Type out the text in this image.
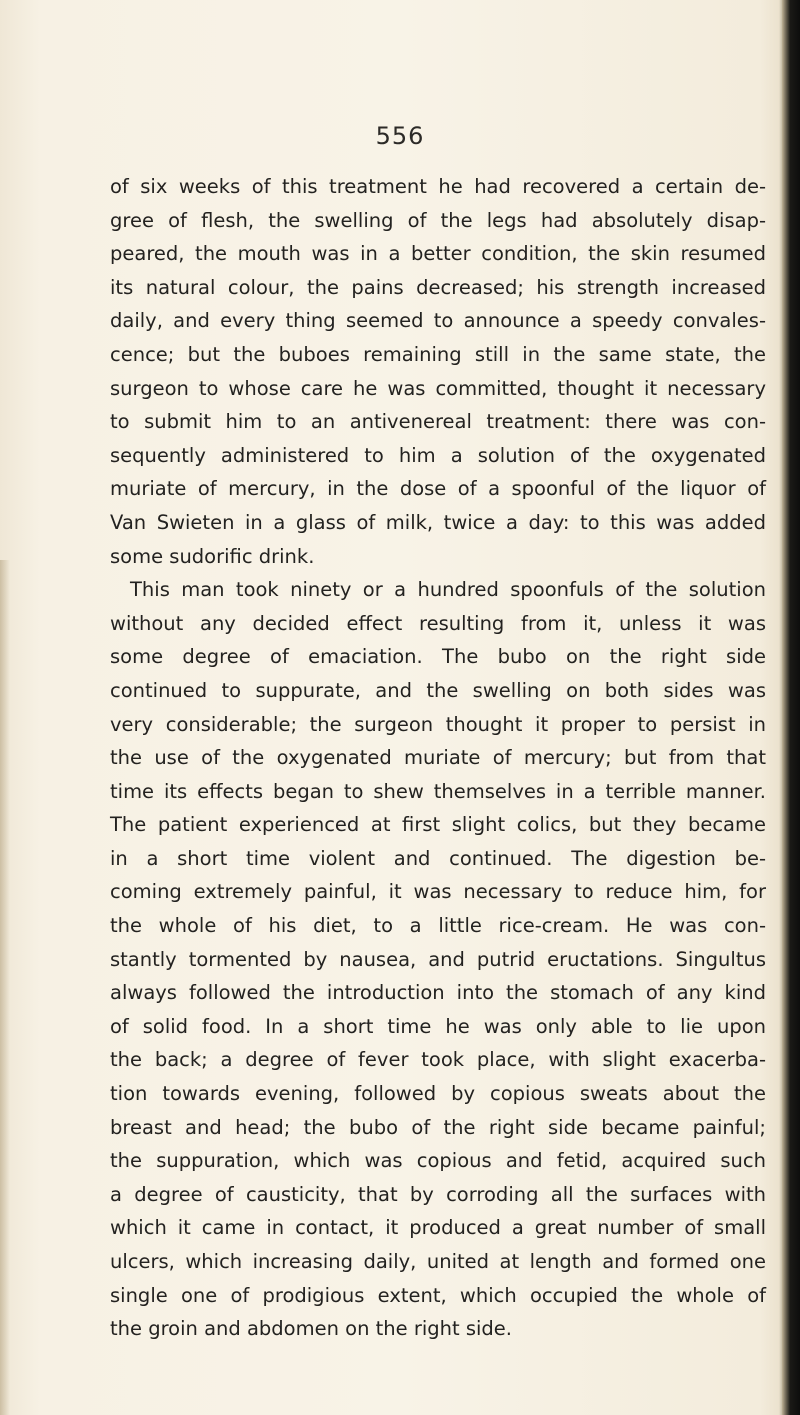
556
of six weeks of this treatment he had recovered a certain de-
gree of flesh, the swelling of the legs had absolutely disap-
peared, the mouth was in a better condition, the skin resumed
its natural colour, the pains decreased; his strength increased
daily, and every thing seemed to announce a speedy convales-
cence; but the buboes remaining still in the same state, the
surgeon to whose care he was committed, thought it necessary
to submit him to an antivenereal treatment: there was con-
sequently administered to him a solution of the oxygenated
muriate of mercury, in the dose of a spoonful of the liquor of
Van Swieten in a glass of milk, twice a day: to this was added
some sudorific drink.
This man took ninety or a hundred spoonfuls of the solution
without any decided effect resulting from it, unless it was
some degree of emaciation. The bubo on the right side
continued to suppurate, and the swelling on both sides was
very considerable; the surgeon thought it proper to persist in
the use of the oxygenated muriate of mercury; but from that
time its effects began to shew themselves in a terrible manner.
The patient experienced at first slight colics, but they became
in a short time violent and continued. The digestion be-
coming extremely painful, it was necessary to reduce him, for
the whole of his diet, to a little rice-cream. He was con-
stantly tormented by nausea, and putrid eructations. Singultus
always followed the introduction into the stomach of any kind
of solid food. In a short time he was only able to lie upon
the back; a degree of fever took place, with slight exacerba-
tion towards evening, followed by copious sweats about the
breast and head; the bubo of the right side became painful;
the suppuration, which was copious and fetid, acquired such
a degree of causticity, that by corroding all the surfaces with
which it came in contact, it produced a great number of small
ulcers, which increasing daily, united at length and formed one
single one of prodigious extent, which occupied the whole of
the groin and abdomen on the right side.
